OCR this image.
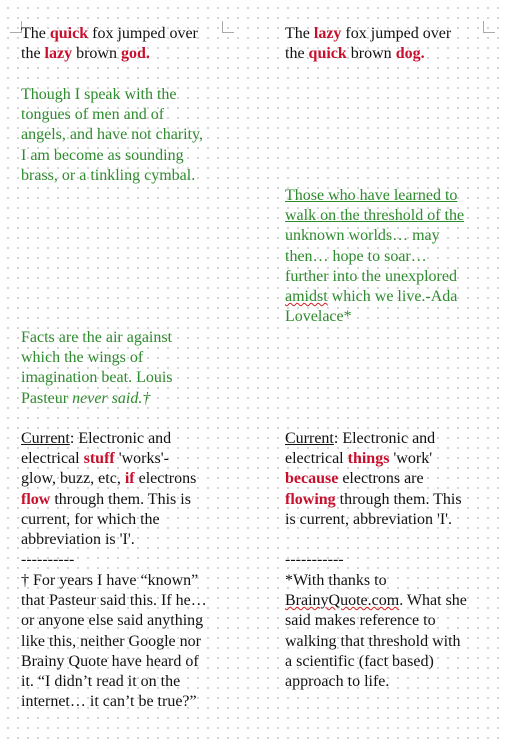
The quick fox jumped over

the lazy brown god.

Though I speak with the

tongues of men and of

angels, and have not charity,

I am become as sounding

brass, or a tinkling cymbal.

Facts are the air against

which the wings of

imagination beat. Louis

Pasteur never said.†

Current: Electronic and

electrical stuff 'works'-

glow, buzz, etc, if electrons

flow through them. This is

current, for which the

abbreviation is 'I'.

----------

† For years I have “known”

that Pasteur said this. If he…

or anyone else said anything

like this, neither Google nor

Brainy Quote have heard of

it. “I didn’t read it on the

internet… it can’t be true?”

The lazy fox jumped over

the quick brown dog.

Those who have learned to

walk on the threshold of the

unknown worlds… may

then… hope to soar…

further into the unexplored

amidst which we live.-Ada

Lovelace*

Current: Electronic and

electrical things 'work'

because electrons are

flowing through them. This

is current, abbreviation 'I'.

-----------

*With thanks to

BrainyQuote.com. What she

said makes reference to

walking that threshold with

a scientific (fact based)

approach to life.
